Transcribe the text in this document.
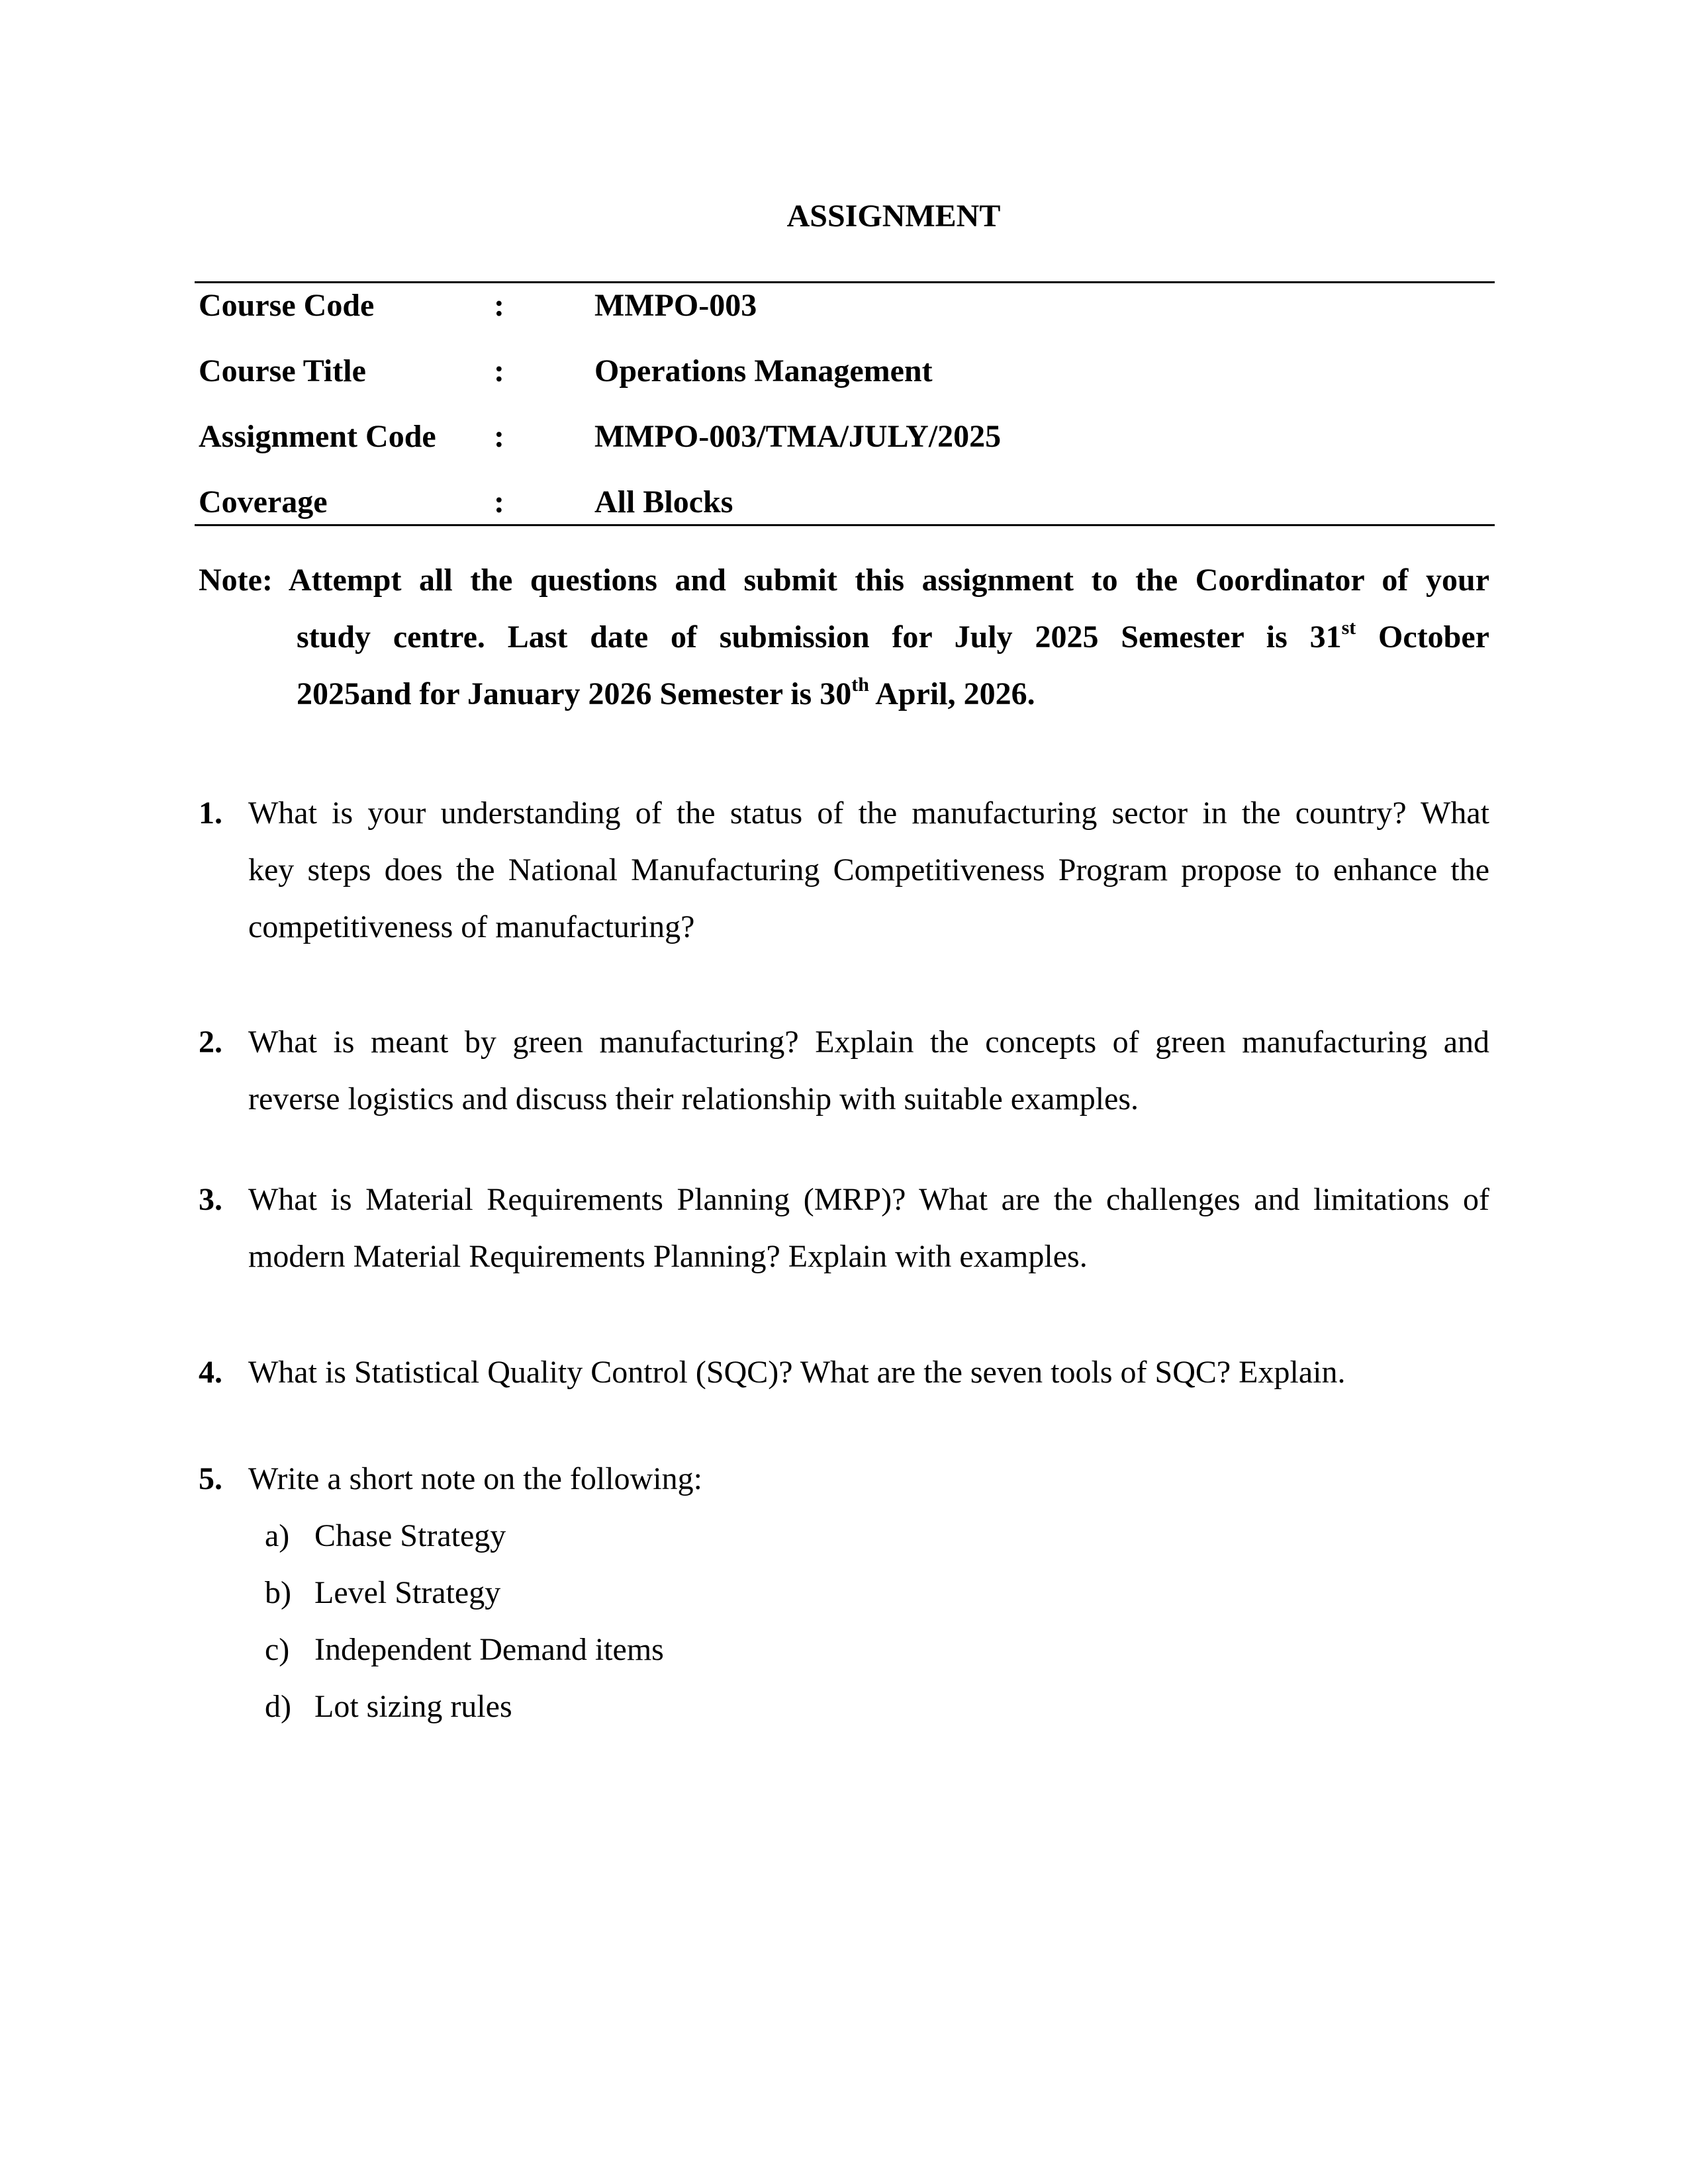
ASSIGNMENT
Course Code	:	MMPO-003
Course Title	:	Operations Management
Assignment Code :	MMPO-003/TMA/JULY/2025
Coverage	:	All Blocks
Note: Attempt all the questions and submit this assignment to the Coordinator of your
study centre. Last date of submission for July 2025 Semester is 31st October
2025and for January 2026 Semester is 30th April, 2026.
1. What is your understanding of the status of the manufacturing sector in the country? What
key steps does the National Manufacturing Competitiveness Program propose to enhance the
competitiveness of manufacturing?
2. What is meant by green manufacturing? Explain the concepts of green manufacturing and
reverse logistics and discuss their relationship with suitable examples.
3. What is Material Requirements Planning (MRP)? What are the challenges and limitations of
modern Material Requirements Planning? Explain with examples.
4. What is Statistical Quality Control (SQC)? What are the seven tools of SQC? Explain.
5. Write a short note on the following:
a) Chase Strategy
b) Level Strategy
c) Independent Demand items
d) Lot sizing rules
